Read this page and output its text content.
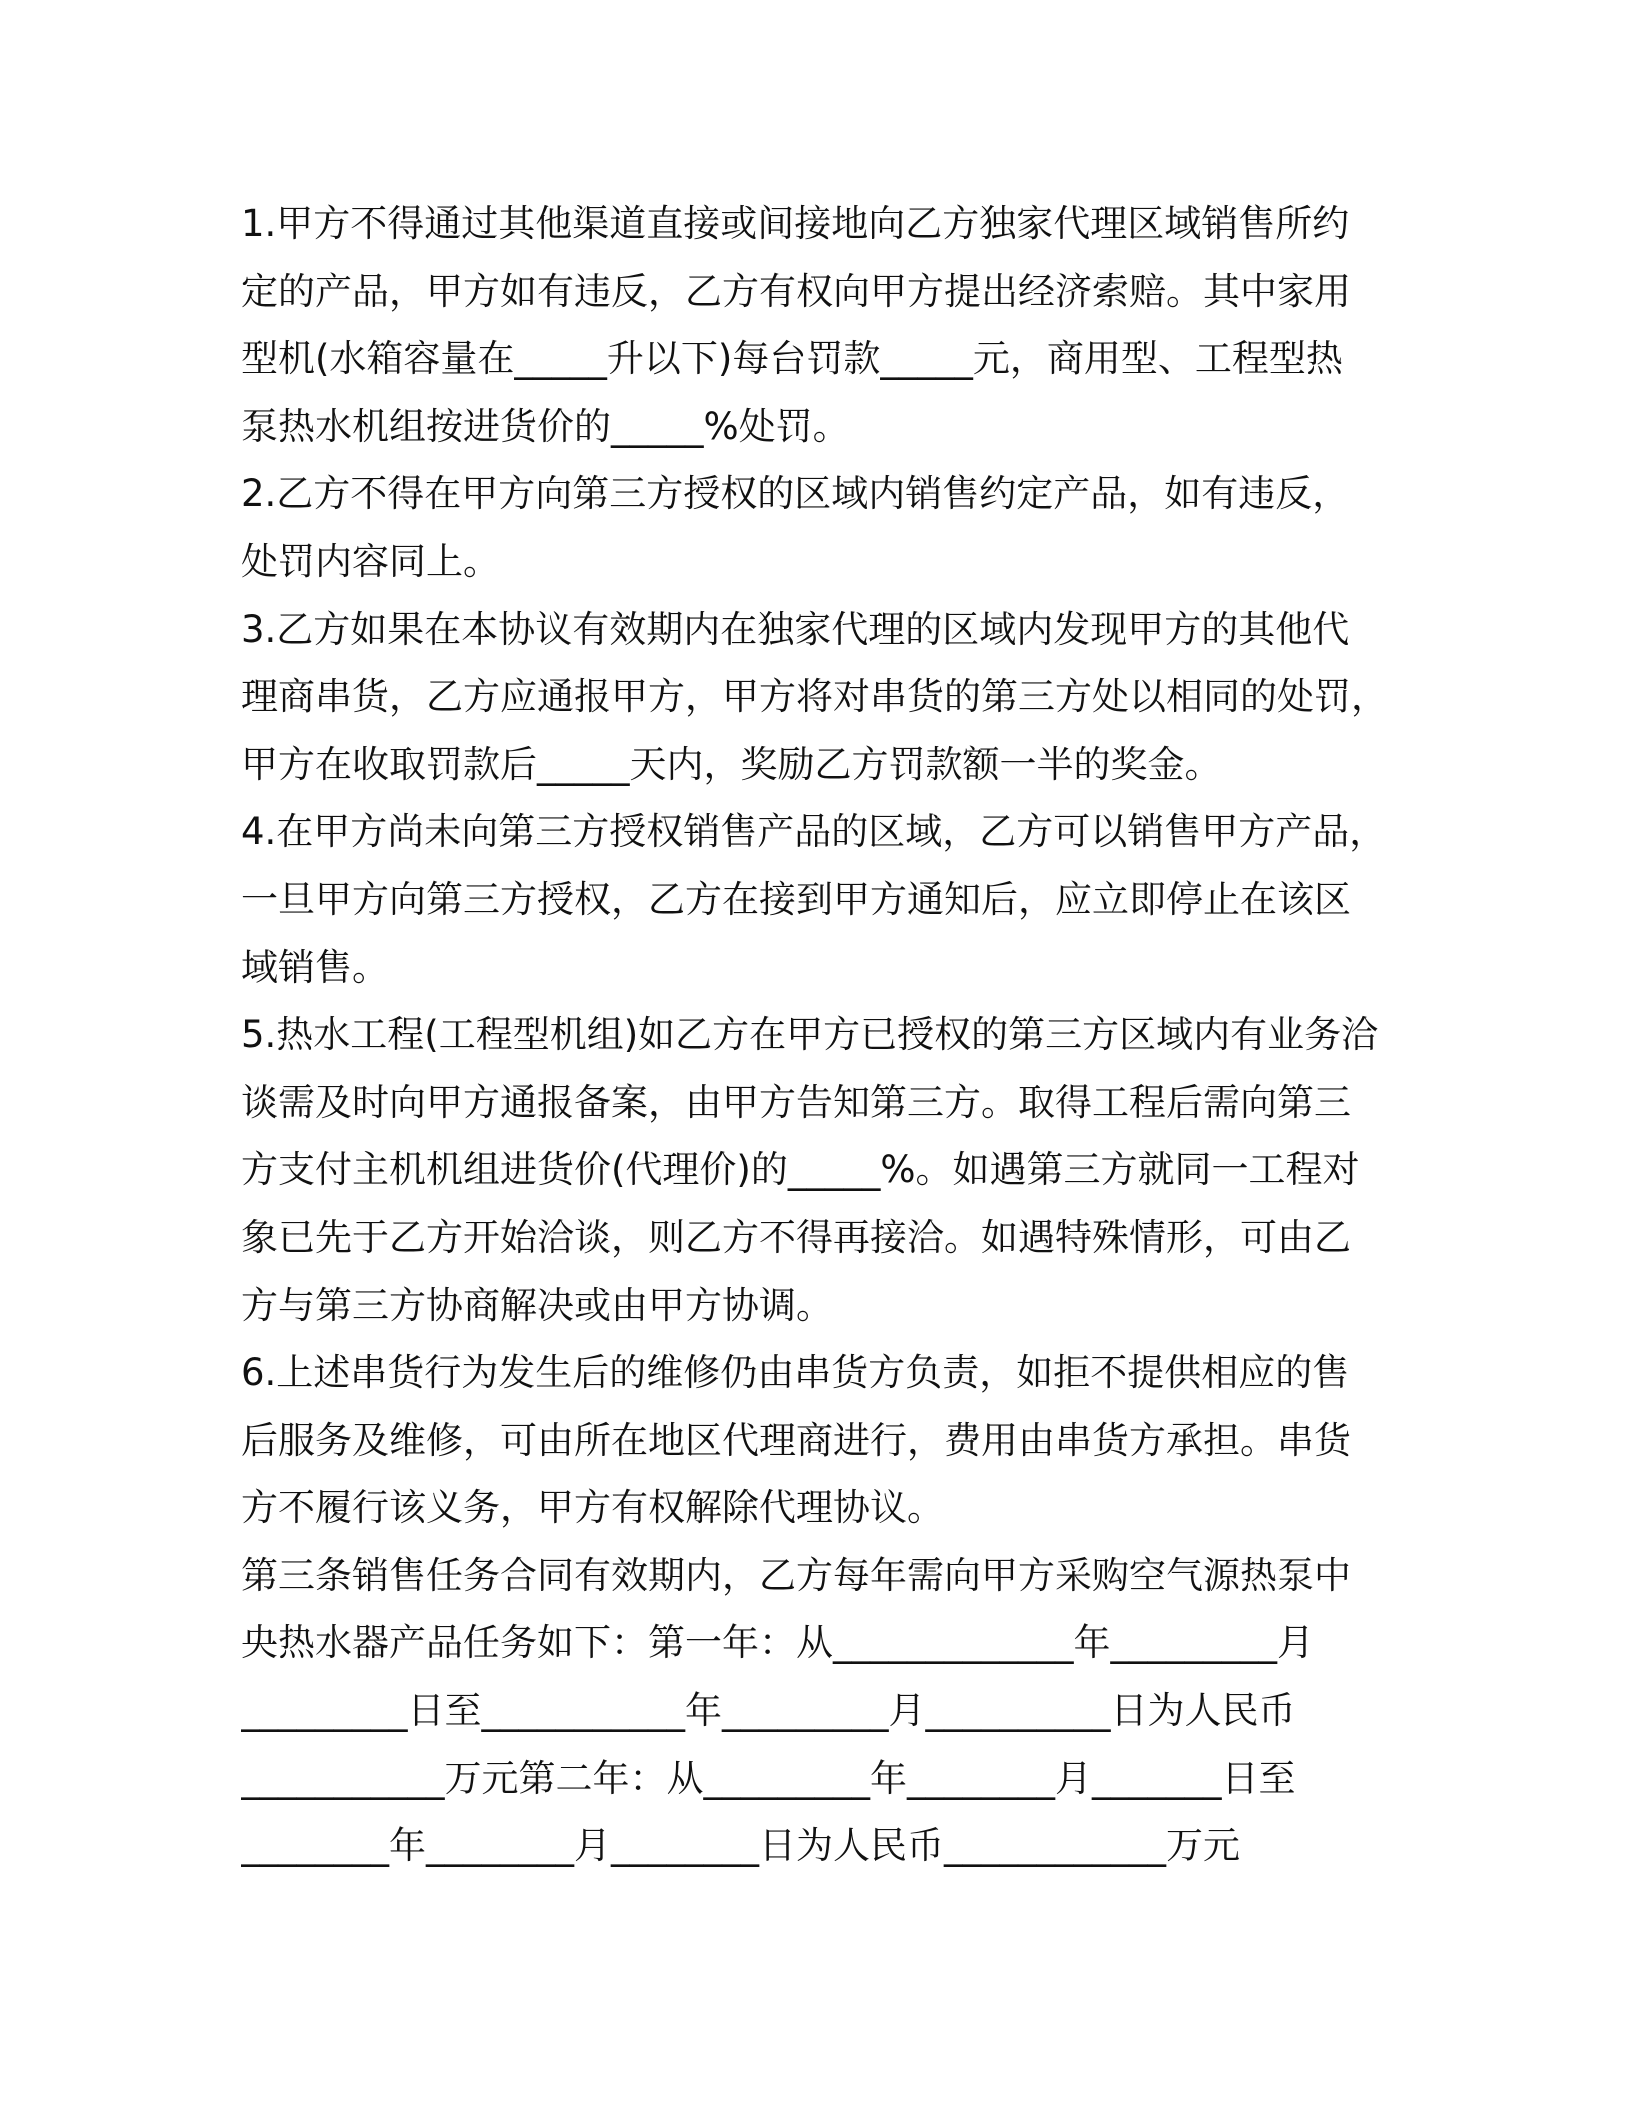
1.甲方不得通过其他渠道直接或间接地向乙方独家代理区域销售所约
定的产品，甲方如有违反，乙方有权向甲方提出经济索赔。其中家用
型机(水箱容量在_____升以下)每台罚款_____元，商用型、工程型热
泵热水机组按进货价的_____%处罚。
2.乙方不得在甲方向第三方授权的区域内销售约定产品，如有违反，
处罚内容同上。
3.乙方如果在本协议有效期内在独家代理的区域内发现甲方的其他代
理商串货，乙方应通报甲方，甲方将对串货的第三方处以相同的处罚，
甲方在收取罚款后_____天内，奖励乙方罚款额一半的奖金。
4.在甲方尚未向第三方授权销售产品的区域，乙方可以销售甲方产品，
一旦甲方向第三方授权，乙方在接到甲方通知后，应立即停止在该区
域销售。
5.热水工程(工程型机组)如乙方在甲方已授权的第三方区域内有业务洽
谈需及时向甲方通报备案，由甲方告知第三方。取得工程后需向第三
方支付主机机组进货价(代理价)的_____%。如遇第三方就同一工程对
象已先于乙方开始洽谈，则乙方不得再接洽。如遇特殊情形，可由乙
方与第三方协商解决或由甲方协调。
6.上述串货行为发生后的维修仍由串货方负责，如拒不提供相应的售
后服务及维修，可由所在地区代理商进行，费用由串货方承担。串货
方不履行该义务，甲方有权解除代理协议。
第三条销售任务合同有效期内，乙方每年需向甲方采购空气源热泵中
央热水器产品任务如下：第一年：从_____________年_________月
_________日至___________年_________月__________日为人民币
___________万元第二年：从_________年________月_______日至
________年________月________日为人民币____________万元
